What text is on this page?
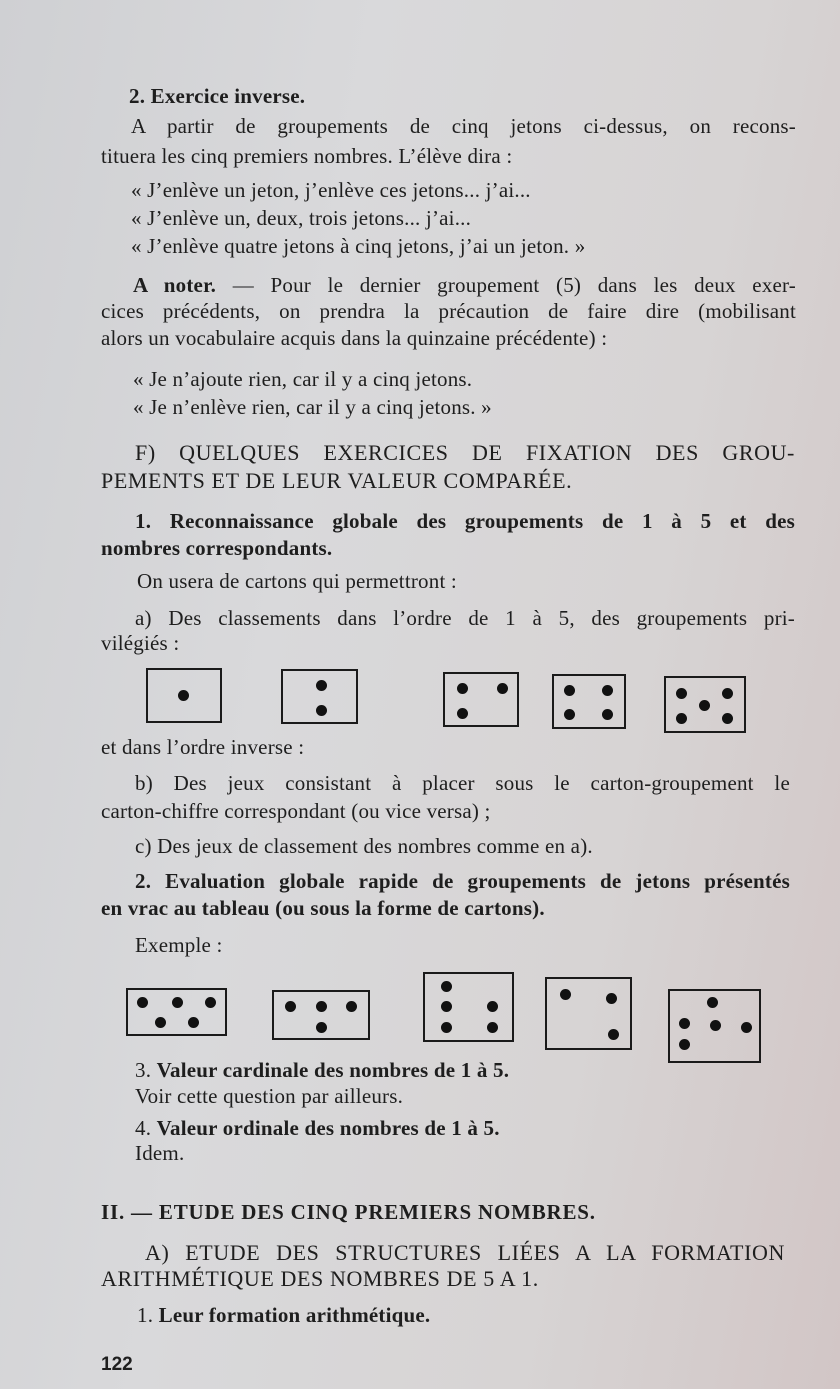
2. Exercice inverse.
A partir de groupements de cinq jetons ci-dessus, on recons-
tituera les cinq premiers nombres. L’élève dira :
« J’enlève un jeton, j’enlève ces jetons... j’ai...
« J’enlève un, deux, trois jetons... j’ai...
« J’enlève quatre jetons à cinq jetons, j’ai un jeton. »
A noter. — Pour le dernier groupement (5) dans les deux exer-
cices précédents, on prendra la précaution de faire dire (mobilisant
alors un vocabulaire acquis dans la quinzaine précédente) :
« Je n’ajoute rien, car il y a cinq jetons.
« Je n’enlève rien, car il y a cinq jetons. »
F) QUELQUES EXERCICES DE FIXATION DES GROU-
PEMENTS ET DE LEUR VALEUR COMPARÉE.
1. Reconnaissance globale des groupements de 1 à 5 et des
nombres correspondants.
On usera de cartons qui permettront :
a) Des classements dans l’ordre de 1 à 5, des groupements pri-
vilégiés :
et dans l’ordre inverse :
b) Des jeux consistant à placer sous le carton-groupement le
carton-chiffre correspondant (ou vice versa) ;
c) Des jeux de classement des nombres comme en a).
2. Evaluation globale rapide de groupements de jetons présentés
en vrac au tableau (ou sous la forme de cartons).
Exemple :
3. Valeur cardinale des nombres de 1 à 5.
Voir cette question par ailleurs.
4. Valeur ordinale des nombres de 1 à 5.
Idem.
II. — ETUDE DES CINQ PREMIERS NOMBRES.
A) ETUDE DES STRUCTURES LIÉES A LA FORMATION
ARITHMÉTIQUE DES NOMBRES DE 5 A 1.
1. Leur formation arithmétique.
122
